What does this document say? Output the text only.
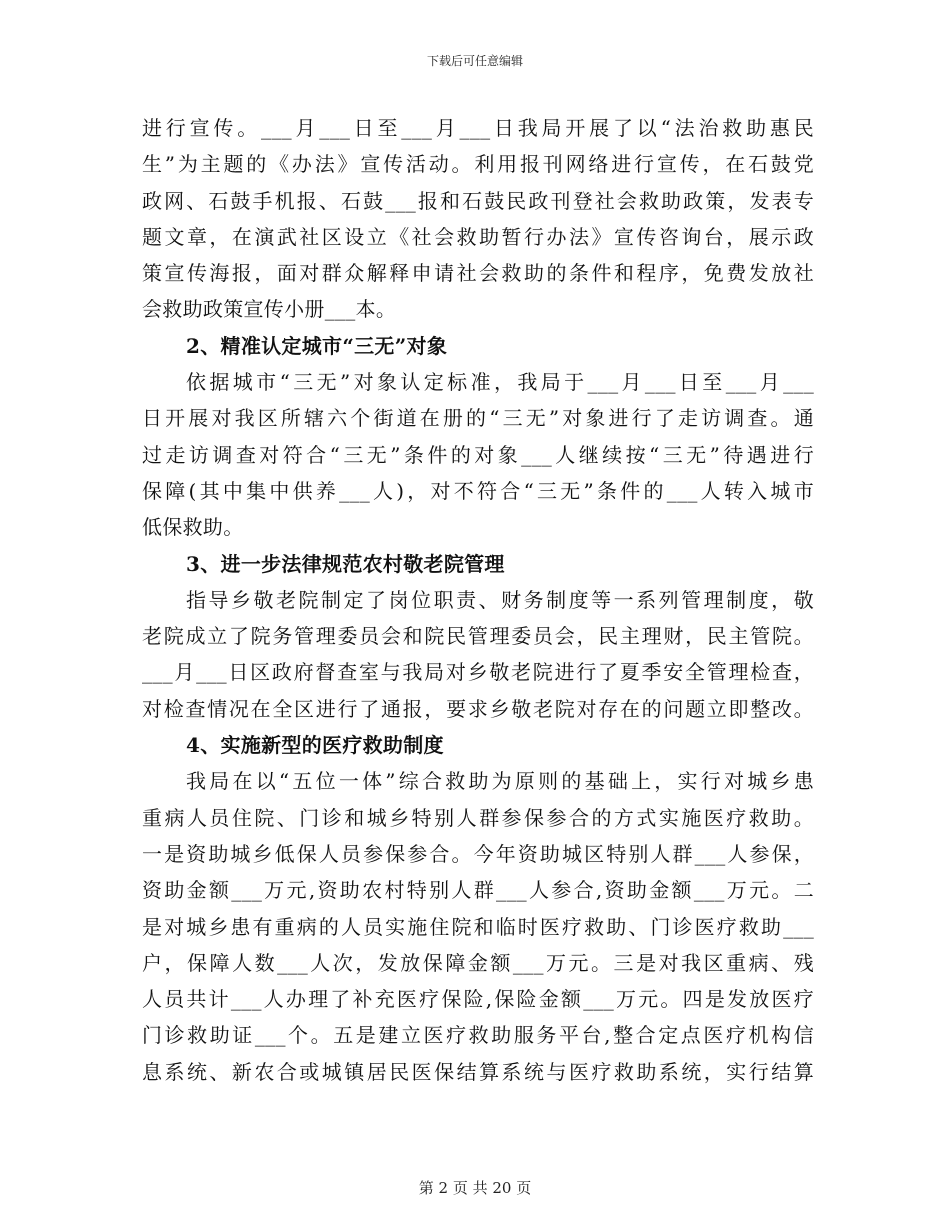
下载后可任意编辑
进行宣传。___月___日至___月___日我局开展了以“法治救助惠民
生”为主题的《办法》宣传活动。利用报刊网络进行宣传，在石鼓党
政网、石鼓手机报、石鼓___报和石鼓民政刊登社会救助政策，发表专
题文章，在演武社区设立《社会救助暂行办法》宣传咨询台，展示政
策宣传海报，面对群众解释申请社会救助的条件和程序，免费发放社
会救助政策宣传小册___本。
2、精准认定城市“三无”对象
依据城市“三无”对象认定标准，我局于___月___日至___月___
日开展对我区所辖六个街道在册的“三无”对象进行了走访调查。通
过走访调查对符合“三无”条件的对象___人继续按“三无”待遇进行
保障(其中集中供养___人)，对不符合“三无”条件的___人转入城市
低保救助。
3、进一步法律规范农村敬老院管理
指导乡敬老院制定了岗位职责、财务制度等一系列管理制度，敬
老院成立了院务管理委员会和院民管理委员会，民主理财，民主管院。
___月___日区政府督查室与我局对乡敬老院进行了夏季安全管理检查，
对检查情况在全区进行了通报，要求乡敬老院对存在的问题立即整改。
4、实施新型的医疗救助制度
我局在以“五位一体”综合救助为原则的基础上，实行对城乡患
重病人员住院、门诊和城乡特别人群参保参合的方式实施医疗救助。
一是资助城乡低保人员参保参合。今年资助城区特别人群___人参保，
资助金额___万元,资助农村特别人群___人参合,资助金额___万元。二
是对城乡患有重病的人员实施住院和临时医疗救助、门诊医疗救助___
户，保障人数___人次，发放保障金额___万元。三是对我区重病、残
人员共计___人办理了补充医疗保险,保险金额___万元。四是发放医疗
门诊救助证___个。五是建立医疗救助服务平台,整合定点医疗机构信
息系统、新农合或城镇居民医保结算系统与医疗救助系统，实行结算
第 2 页 共 20 页
